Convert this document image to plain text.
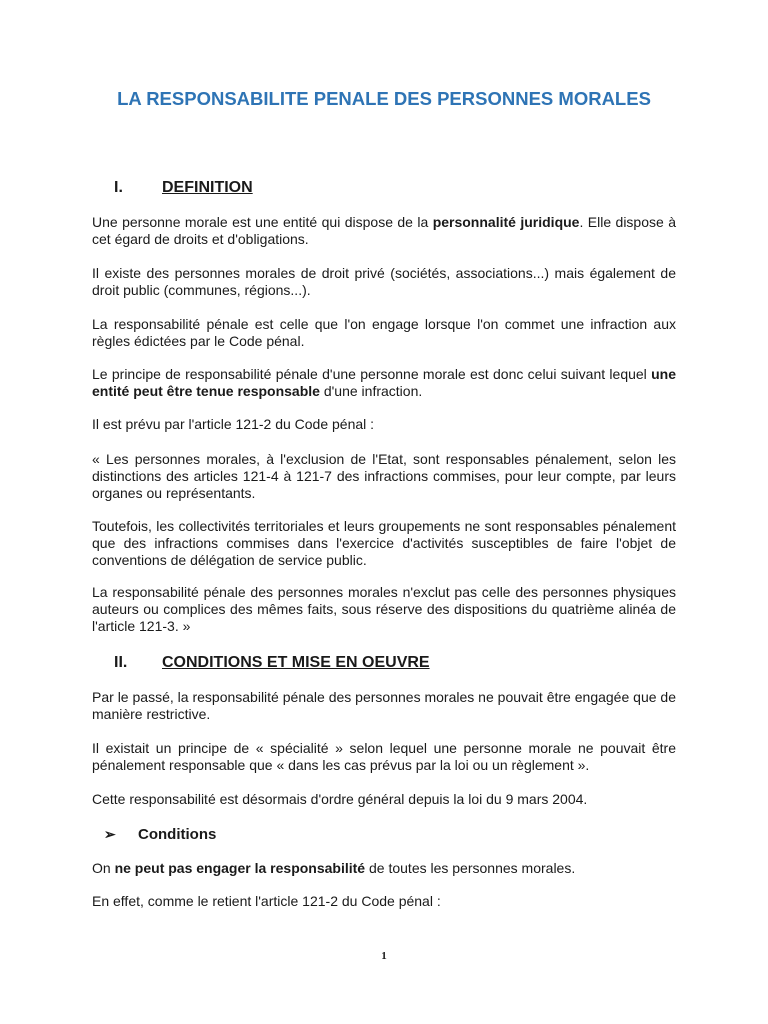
LA RESPONSABILITE PENALE DES PERSONNES MORALES
I. DEFINITION

Une personne morale est une entité qui dispose de la personnalité juridique. Elle dispose à cet égard de droits et d'obligations.

Il existe des personnes morales de droit privé (sociétés, associations...) mais également de droit public (communes, régions...).

La responsabilité pénale est celle que l'on engage lorsque l'on commet une infraction aux règles édictées par le Code pénal.

Le principe de responsabilité pénale d'une personne morale est donc celui suivant lequel une entité peut être tenue responsable d'une infraction.

Il est prévu par l'article 121-2 du Code pénal :

« Les personnes morales, à l'exclusion de l'Etat, sont responsables pénalement, selon les distinctions des articles 121-4 à 121-7 des infractions commises, pour leur compte, par leurs organes ou représentants.

Toutefois, les collectivités territoriales et leurs groupements ne sont responsables pénalement que des infractions commises dans l'exercice d'activités susceptibles de faire l'objet de conventions de délégation de service public.

La responsabilité pénale des personnes morales n'exclut pas celle des personnes physiques auteurs ou complices des mêmes faits, sous réserve des dispositions du quatrième alinéa de l'article 121-3. »

II. CONDITIONS ET MISE EN OEUVRE

Par le passé, la responsabilité pénale des personnes morales ne pouvait être engagée que de manière restrictive.

Il existait un principe de « spécialité » selon lequel une personne morale ne pouvait être pénalement responsable que « dans les cas prévus par la loi ou un règlement ».

Cette responsabilité est désormais d'ordre général depuis la loi du 9 mars 2004.

➢ Conditions

On ne peut pas engager la responsabilité de toutes les personnes morales.

En effet, comme le retient l'article 121-2 du Code pénal :

1
